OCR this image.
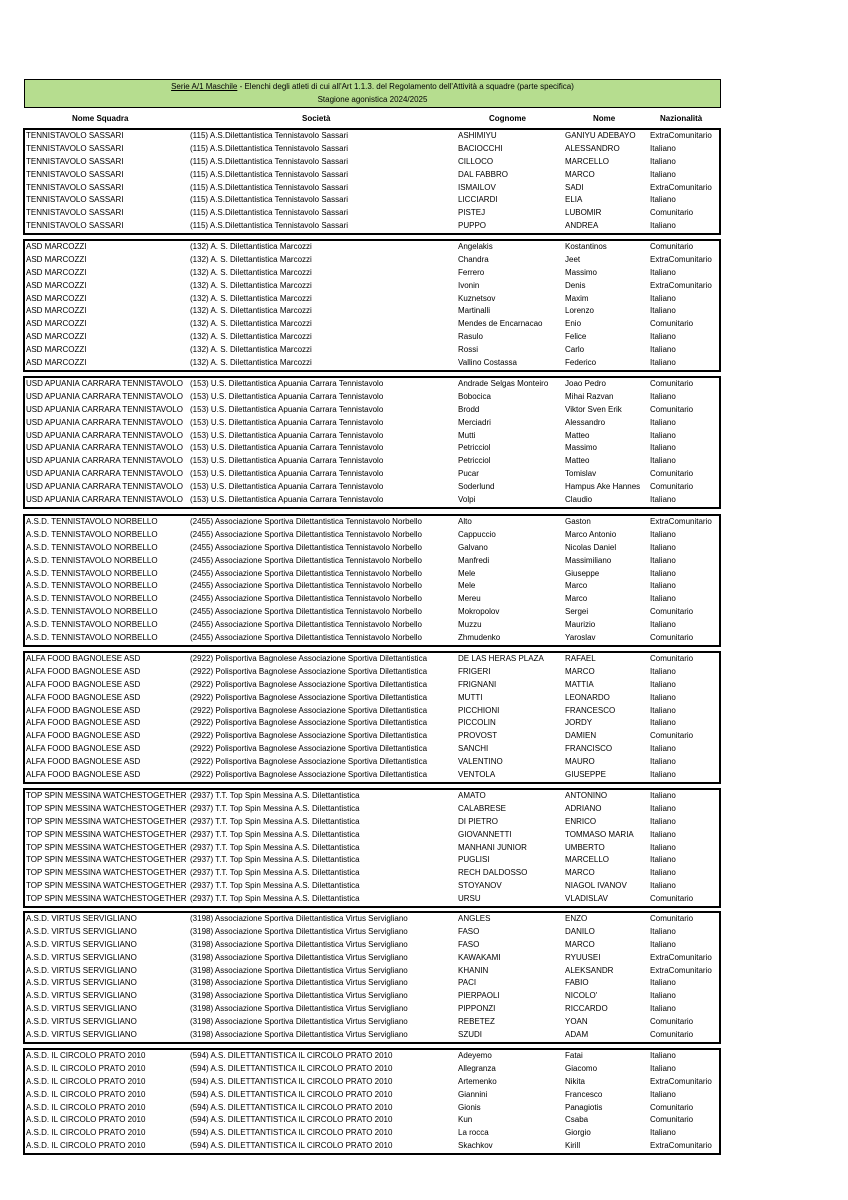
Serie A/1 Maschile - Elenchi degli atleti di cui all'Art 1.1.3. del Regolamento dell'Attività a squadre (parte specifica)
Stagione agonistica 2024/2025
Nome Squadra	Società	Cognome	Nome	Nazionalità
TENNISTAVOLO SASSARI	(115) A.S.Dilettantistica Tennistavolo Sassari	ASHIMIYU	GANIYU ADEBAYO	ExtraComunitario
TENNISTAVOLO SASSARI	(115) A.S.Dilettantistica Tennistavolo Sassari	BACIOCCHI	ALESSANDRO	Italiano
TENNISTAVOLO SASSARI	(115) A.S.Dilettantistica Tennistavolo Sassari	CILLOCO	MARCELLO	Italiano
TENNISTAVOLO SASSARI	(115) A.S.Dilettantistica Tennistavolo Sassari	DAL FABBRO	MARCO	Italiano
TENNISTAVOLO SASSARI	(115) A.S.Dilettantistica Tennistavolo Sassari	ISMAILOV	SADI	ExtraComunitario
TENNISTAVOLO SASSARI	(115) A.S.Dilettantistica Tennistavolo Sassari	LICCIARDI	ELIA	Italiano
TENNISTAVOLO SASSARI	(115) A.S.Dilettantistica Tennistavolo Sassari	PISTEJ	LUBOMIR	Comunitario
TENNISTAVOLO SASSARI	(115) A.S.Dilettantistica Tennistavolo Sassari	PUPPO	ANDREA	Italiano
ASD MARCOZZI	(132) A. S. Dilettantistica Marcozzi	Angelakis	Kostantinos	Comunitario
ASD MARCOZZI	(132) A. S. Dilettantistica Marcozzi	Chandra	Jeet	ExtraComunitario
ASD MARCOZZI	(132) A. S. Dilettantistica Marcozzi	Ferrero	Massimo	Italiano
ASD MARCOZZI	(132) A. S. Dilettantistica Marcozzi	Ivonin	Denis	ExtraComunitario
ASD MARCOZZI	(132) A. S. Dilettantistica Marcozzi	Kuznetsov	Maxim	Italiano
ASD MARCOZZI	(132) A. S. Dilettantistica Marcozzi	Martinalli	Lorenzo	Italiano
ASD MARCOZZI	(132) A. S. Dilettantistica Marcozzi	Mendes de Encarnacao	Enio	Comunitario
ASD MARCOZZI	(132) A. S. Dilettantistica Marcozzi	Rasulo	Felice	Italiano
ASD MARCOZZI	(132) A. S. Dilettantistica Marcozzi	Rossi	Carlo	Italiano
ASD MARCOZZI	(132) A. S. Dilettantistica Marcozzi	Vallino Costassa	Federico	Italiano
USD APUANIA CARRARA TENNISTAVOLO (153) U.S. Dilettantistica Apuania Carrara Tennistavolo	Andrade Selgas Monteiro	Joao Pedro	Comunitario
USD APUANIA CARRARA TENNISTAVOLO (153) U.S. Dilettantistica Apuania Carrara Tennistavolo	Bobocica	Mihai Razvan	Italiano
USD APUANIA CARRARA TENNISTAVOLO (153) U.S. Dilettantistica Apuania Carrara Tennistavolo	Brodd	Viktor Sven Erik	Comunitario
USD APUANIA CARRARA TENNISTAVOLO (153) U.S. Dilettantistica Apuania Carrara Tennistavolo	Merciadri	Alessandro	Italiano
USD APUANIA CARRARA TENNISTAVOLO (153) U.S. Dilettantistica Apuania Carrara Tennistavolo	Mutti	Matteo	Italiano
USD APUANIA CARRARA TENNISTAVOLO (153) U.S. Dilettantistica Apuania Carrara Tennistavolo	Petricciol	Massimo	Italiano
USD APUANIA CARRARA TENNISTAVOLO (153) U.S. Dilettantistica Apuania Carrara Tennistavolo	Petricciol	Matteo	Italiano
USD APUANIA CARRARA TENNISTAVOLO (153) U.S. Dilettantistica Apuania Carrara Tennistavolo	Pucar	Tomislav	Comunitario
USD APUANIA CARRARA TENNISTAVOLO (153) U.S. Dilettantistica Apuania Carrara Tennistavolo	Soderlund	Hampus Ake Hannes	Comunitario
USD APUANIA CARRARA TENNISTAVOLO (153) U.S. Dilettantistica Apuania Carrara Tennistavolo	Volpi	Claudio	Italiano
A.S.D. TENNISTAVOLO NORBELLO	(2455) Associazione Sportiva Dilettantistica Tennistavolo Norbello	Alto	Gaston	ExtraComunitario
A.S.D. TENNISTAVOLO NORBELLO	(2455) Associazione Sportiva Dilettantistica Tennistavolo Norbello	Cappuccio	Marco Antonio	Italiano
A.S.D. TENNISTAVOLO NORBELLO	(2455) Associazione Sportiva Dilettantistica Tennistavolo Norbello	Galvano	Nicolas Daniel	Italiano
A.S.D. TENNISTAVOLO NORBELLO	(2455) Associazione Sportiva Dilettantistica Tennistavolo Norbello	Manfredi	Massimiliano	Italiano
A.S.D. TENNISTAVOLO NORBELLO	(2455) Associazione Sportiva Dilettantistica Tennistavolo Norbello	Mele	Giuseppe	Italiano
A.S.D. TENNISTAVOLO NORBELLO	(2455) Associazione Sportiva Dilettantistica Tennistavolo Norbello	Mele	Marco	Italiano
A.S.D. TENNISTAVOLO NORBELLO	(2455) Associazione Sportiva Dilettantistica Tennistavolo Norbello	Mereu	Marco	Italiano
A.S.D. TENNISTAVOLO NORBELLO	(2455) Associazione Sportiva Dilettantistica Tennistavolo Norbello	Mokropolov	Sergei	Comunitario
A.S.D. TENNISTAVOLO NORBELLO	(2455) Associazione Sportiva Dilettantistica Tennistavolo Norbello	Muzzu	Maurizio	Italiano
A.S.D. TENNISTAVOLO NORBELLO	(2455) Associazione Sportiva Dilettantistica Tennistavolo Norbello	Zhmudenko	Yaroslav	Comunitario
ALFA FOOD BAGNOLESE ASD	(2922) Polisportiva Bagnolese Associazione Sportiva Dilettantistica	DE LAS HERAS PLAZA	RAFAEL	Comunitario
ALFA FOOD BAGNOLESE ASD	(2922) Polisportiva Bagnolese Associazione Sportiva Dilettantistica	FRIGERI	MARCO	Italiano
ALFA FOOD BAGNOLESE ASD	(2922) Polisportiva Bagnolese Associazione Sportiva Dilettantistica	FRIGNANI	MATTIA	Italiano
ALFA FOOD BAGNOLESE ASD	(2922) Polisportiva Bagnolese Associazione Sportiva Dilettantistica	MUTTI	LEONARDO	Italiano
ALFA FOOD BAGNOLESE ASD	(2922) Polisportiva Bagnolese Associazione Sportiva Dilettantistica	PICCHIONI	FRANCESCO	Italiano
ALFA FOOD BAGNOLESE ASD	(2922) Polisportiva Bagnolese Associazione Sportiva Dilettantistica	PICCOLIN	JORDY	Italiano
ALFA FOOD BAGNOLESE ASD	(2922) Polisportiva Bagnolese Associazione Sportiva Dilettantistica	PROVOST	DAMIEN	Comunitario
ALFA FOOD BAGNOLESE ASD	(2922) Polisportiva Bagnolese Associazione Sportiva Dilettantistica	SANCHI	FRANCISCO	Italiano
ALFA FOOD BAGNOLESE ASD	(2922) Polisportiva Bagnolese Associazione Sportiva Dilettantistica	VALENTINO	MAURO	Italiano
ALFA FOOD BAGNOLESE ASD	(2922) Polisportiva Bagnolese Associazione Sportiva Dilettantistica	VENTOLA	GIUSEPPE	Italiano
TOP SPIN MESSINA WATCHESTOGETHER (2937) T.T. Top Spin Messina A.S. Dilettantistica	AMATO	ANTONINO	Italiano
TOP SPIN MESSINA WATCHESTOGETHER (2937) T.T. Top Spin Messina A.S. Dilettantistica	CALABRESE	ADRIANO	Italiano
TOP SPIN MESSINA WATCHESTOGETHER (2937) T.T. Top Spin Messina A.S. Dilettantistica	DI PIETRO	ENRICO	Italiano
TOP SPIN MESSINA WATCHESTOGETHER (2937) T.T. Top Spin Messina A.S. Dilettantistica	GIOVANNETTI	TOMMASO MARIA	Italiano
TOP SPIN MESSINA WATCHESTOGETHER (2937) T.T. Top Spin Messina A.S. Dilettantistica	MANHANI JUNIOR	UMBERTO	Italiano
TOP SPIN MESSINA WATCHESTOGETHER (2937) T.T. Top Spin Messina A.S. Dilettantistica	PUGLISI	MARCELLO	Italiano
TOP SPIN MESSINA WATCHESTOGETHER (2937) T.T. Top Spin Messina A.S. Dilettantistica	RECH DALDOSSO	MARCO	Italiano
TOP SPIN MESSINA WATCHESTOGETHER (2937) T.T. Top Spin Messina A.S. Dilettantistica	STOYANOV	NIAGOL IVANOV	Italiano
TOP SPIN MESSINA WATCHESTOGETHER (2937) T.T. Top Spin Messina A.S. Dilettantistica	URSU	VLADISLAV	Comunitario
A.S.D. VIRTUS SERVIGLIANO	(3198) Associazione Sportiva Dilettantistica Virtus Servigliano	ANGLES	ENZO	Comunitario
A.S.D. VIRTUS SERVIGLIANO	(3198) Associazione Sportiva Dilettantistica Virtus Servigliano	FASO	DANILO	Italiano
A.S.D. VIRTUS SERVIGLIANO	(3198) Associazione Sportiva Dilettantistica Virtus Servigliano	FASO	MARCO	Italiano
A.S.D. VIRTUS SERVIGLIANO	(3198) Associazione Sportiva Dilettantistica Virtus Servigliano	KAWAKAMI	RYUUSEI	ExtraComunitario
A.S.D. VIRTUS SERVIGLIANO	(3198) Associazione Sportiva Dilettantistica Virtus Servigliano	KHANIN	ALEKSANDR	ExtraComunitario
A.S.D. VIRTUS SERVIGLIANO	(3198) Associazione Sportiva Dilettantistica Virtus Servigliano	PACI	FABIO	Italiano
A.S.D. VIRTUS SERVIGLIANO	(3198) Associazione Sportiva Dilettantistica Virtus Servigliano	PIERPAOLI	NICOLO'	Italiano
A.S.D. VIRTUS SERVIGLIANO	(3198) Associazione Sportiva Dilettantistica Virtus Servigliano	PIPPONZI	RICCARDO	Italiano
A.S.D. VIRTUS SERVIGLIANO	(3198) Associazione Sportiva Dilettantistica Virtus Servigliano	REBETEZ	YOAN	Comunitario
A.S.D. VIRTUS SERVIGLIANO	(3198) Associazione Sportiva Dilettantistica Virtus Servigliano	SZUDI	ADAM	Comunitario
A.S.D. IL CIRCOLO PRATO 2010	(594) A.S. DILETTANTISTICA IL CIRCOLO PRATO 2010	Adeyemo	Fatai	Italiano
A.S.D. IL CIRCOLO PRATO 2010	(594) A.S. DILETTANTISTICA IL CIRCOLO PRATO 2010	Allegranza	Giacomo	Italiano
A.S.D. IL CIRCOLO PRATO 2010	(594) A.S. DILETTANTISTICA IL CIRCOLO PRATO 2010	Artemenko	Nikita	ExtraComunitario
A.S.D. IL CIRCOLO PRATO 2010	(594) A.S. DILETTANTISTICA IL CIRCOLO PRATO 2010	Giannini	Francesco	Italiano
A.S.D. IL CIRCOLO PRATO 2010	(594) A.S. DILETTANTISTICA IL CIRCOLO PRATO 2010	Gionis	Panagiotis	Comunitario
A.S.D. IL CIRCOLO PRATO 2010	(594) A.S. DILETTANTISTICA IL CIRCOLO PRATO 2010	Kun	Csaba	Comunitario
A.S.D. IL CIRCOLO PRATO 2010	(594) A.S. DILETTANTISTICA IL CIRCOLO PRATO 2010	La rocca	Giorgio	Italiano
A.S.D. IL CIRCOLO PRATO 2010	(594) A.S. DILETTANTISTICA IL CIRCOLO PRATO 2010	Skachkov	Kirill	ExtraComunitario
